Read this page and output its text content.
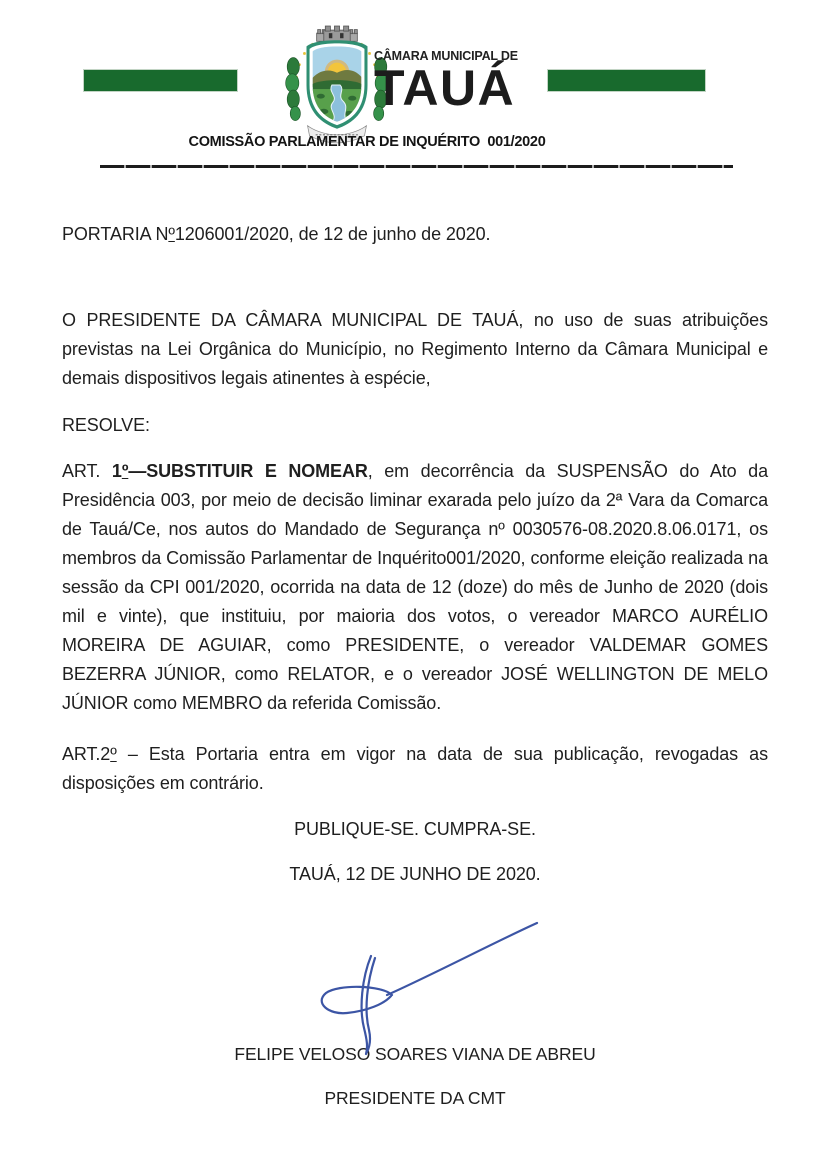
CÂMARA MUNICIPAL DE
TAUÁ
COMISSÃO PARLAMENTAR DE INQUÉRITO  001/2020

PORTARIA Nº1206001/2020, de 12 de junho de 2020.

O PRESIDENTE DA CÂMARA MUNICIPAL DE TAUÁ, no uso de suas atribuições previstas na Lei Orgânica do Município, no Regimento Interno da Câmara Municipal e demais dispositivos legais atinentes à espécie,

RESOLVE:

ART. 1º—SUBSTITUIR E NOMEAR, em decorrência da SUSPENSÃO do Ato da Presidência 003, por meio de decisão liminar exarada pelo juízo da 2ª Vara da Comarca de Tauá/Ce, nos autos do Mandado de Segurança nº 0030576-08.2020.8.06.0171, os membros da Comissão Parlamentar de Inquérito001/2020, conforme eleição realizada na sessão da CPI 001/2020, ocorrida na data de 12 (doze) do mês de Junho de 2020 (dois mil e vinte), que instituiu, por maioria dos votos, o vereador MARCO AURÉLIO MOREIRA DE AGUIAR, como PRESIDENTE, o vereador VALDEMAR GOMES BEZERRA JÚNIOR, como RELATOR, e o vereador JOSÉ WELLINGTON DE MELO JÚNIOR como MEMBRO da referida Comissão.

ART.2º – Esta Portaria entra em vigor na data de sua publicação, revogadas as disposições em contrário.

PUBLIQUE-SE. CUMPRA-SE.

TAUÁ, 12 DE JUNHO DE 2020.

FELIPE VELOSO SOARES VIANA DE ABREU

PRESIDENTE DA CMT
